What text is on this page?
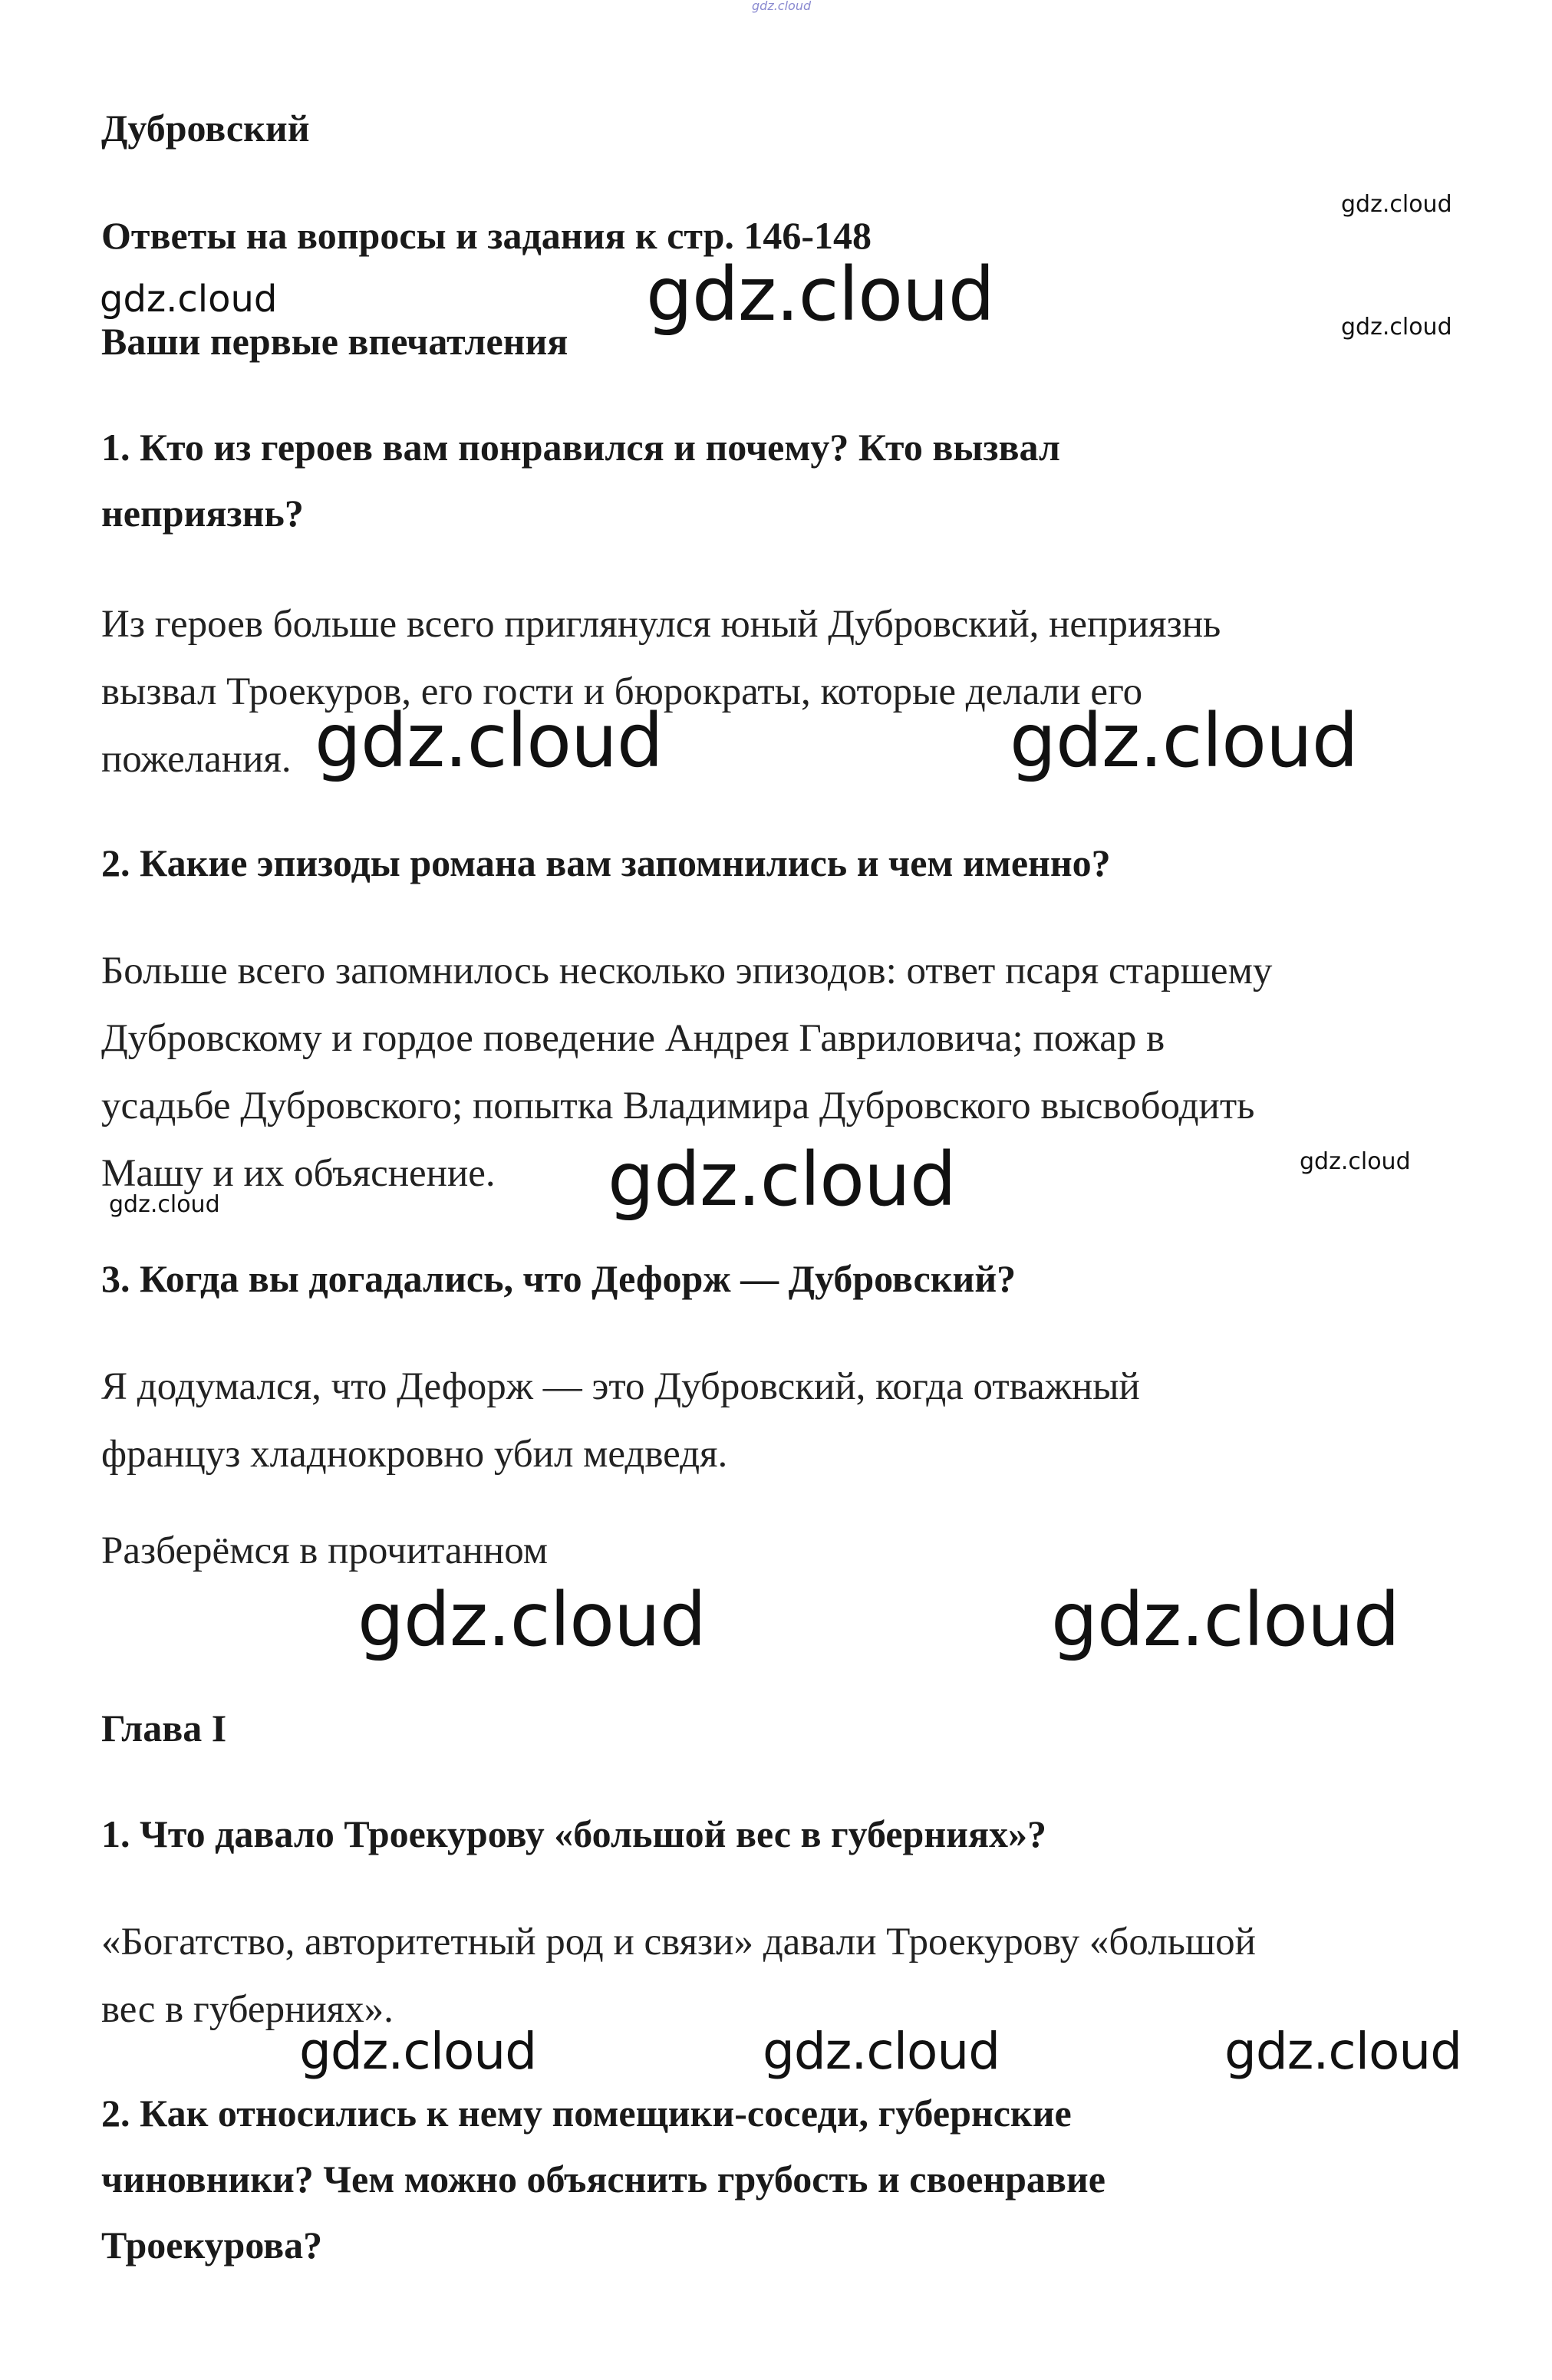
gdz.cloud
Дубровский
Ответы на вопросы и задания к стр. 146-148
Ваши первые впечатления
1. Кто из героев вам понравился и почему? Кто вызвал
неприязнь?
Из героев больше всего приглянулся юный Дубровский, неприязнь
вызвал Троекуров, его гости и бюрократы, которые делали его
пожелания.
2. Какие эпизоды романа вам запомнились и чем именно?
Больше всего запомнилось несколько эпизодов: ответ псаря старшему
Дубровскому и гордое поведение Андрея Гавриловича; пожар в
усадьбе Дубровского; попытка Владимира Дубровского высвободить
Машу и их объяснение.
3. Когда вы догадались, что Дефорж — Дубровский?
Я додумался, что Дефорж — это Дубровский, когда отважный
француз хладнокровно убил медведя.
Разберёмся в прочитанном
Глава I
1. Что давало Троекурову «большой вес в губерниях»?
«Богатство, авторитетный род и связи» давали Троекурову «большой
вес в губерниях».
2. Как относились к нему помещики-соседи, губернские
чиновники? Чем можно объяснить грубость и своенравие
Троекурова?
gdz.cloud
gdz.cloud
gdz.cloud	gdz.cloud
gdz.cloud	gdz.cloud
gdz.cloud	gdz.cloud
gdz.cloud
gdz.cloud	gdz.cloud
gdz.cloud	gdz.cloud	gdz.cloud
